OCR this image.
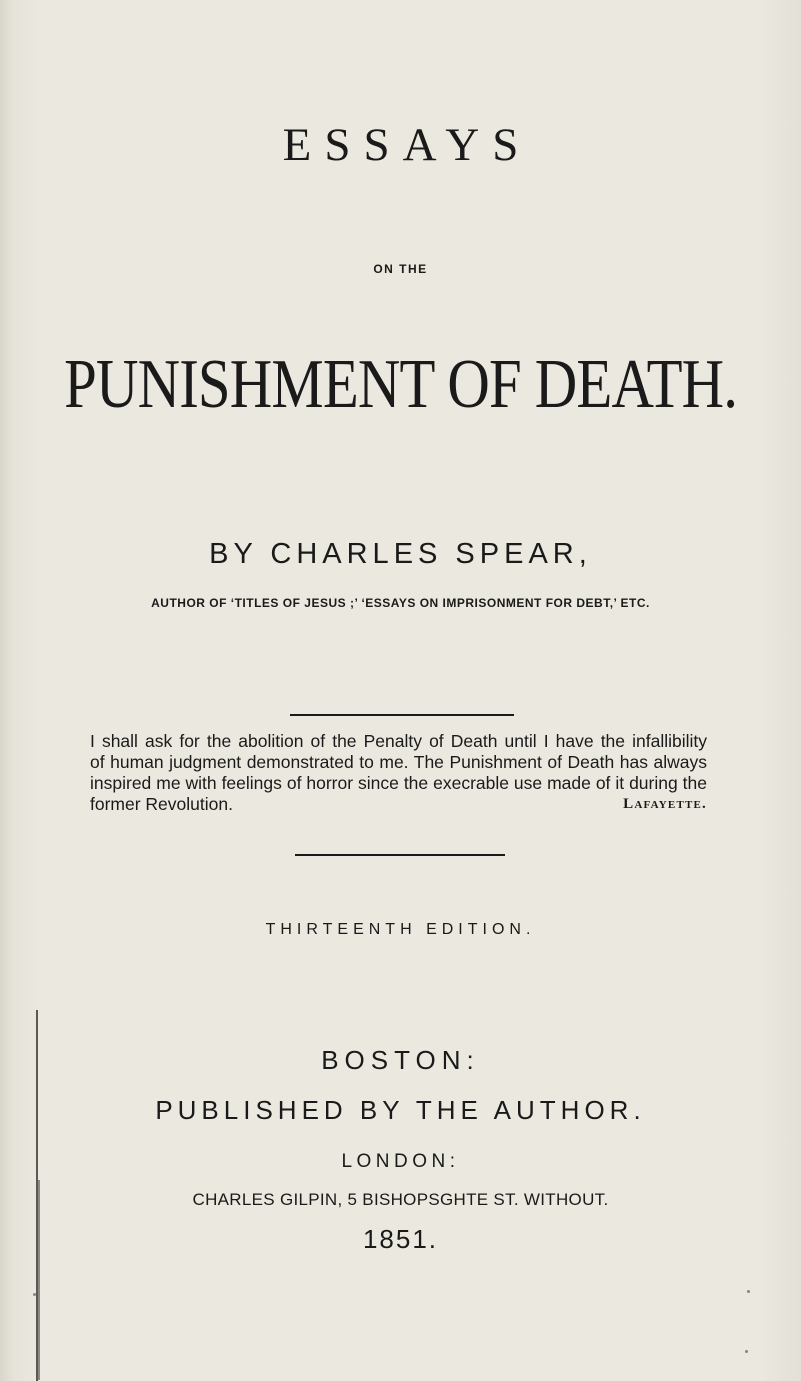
ESSAYS
ON THE
PUNISHMENT OF DEATH.
BY CHARLES SPEAR,
AUTHOR OF ‘TITLES OF JESUS ;’ ‘ESSAYS ON IMPRISONMENT FOR DEBT,’ ETC.
I shall ask for the abolition of the Penalty of Death until I have the infallibility
of human judgment demonstrated to me. The Punishment of Death has always
inspired me with feelings of horror since the execrable use made of it during the
former Revolution.	Lafayette.
THIRTEENTH EDITION.
BOSTON:
PUBLISHED BY THE AUTHOR.
LONDON:
CHARLES GILPIN, 5 BISHOPSGHTE ST. WITHOUT.
1851.
